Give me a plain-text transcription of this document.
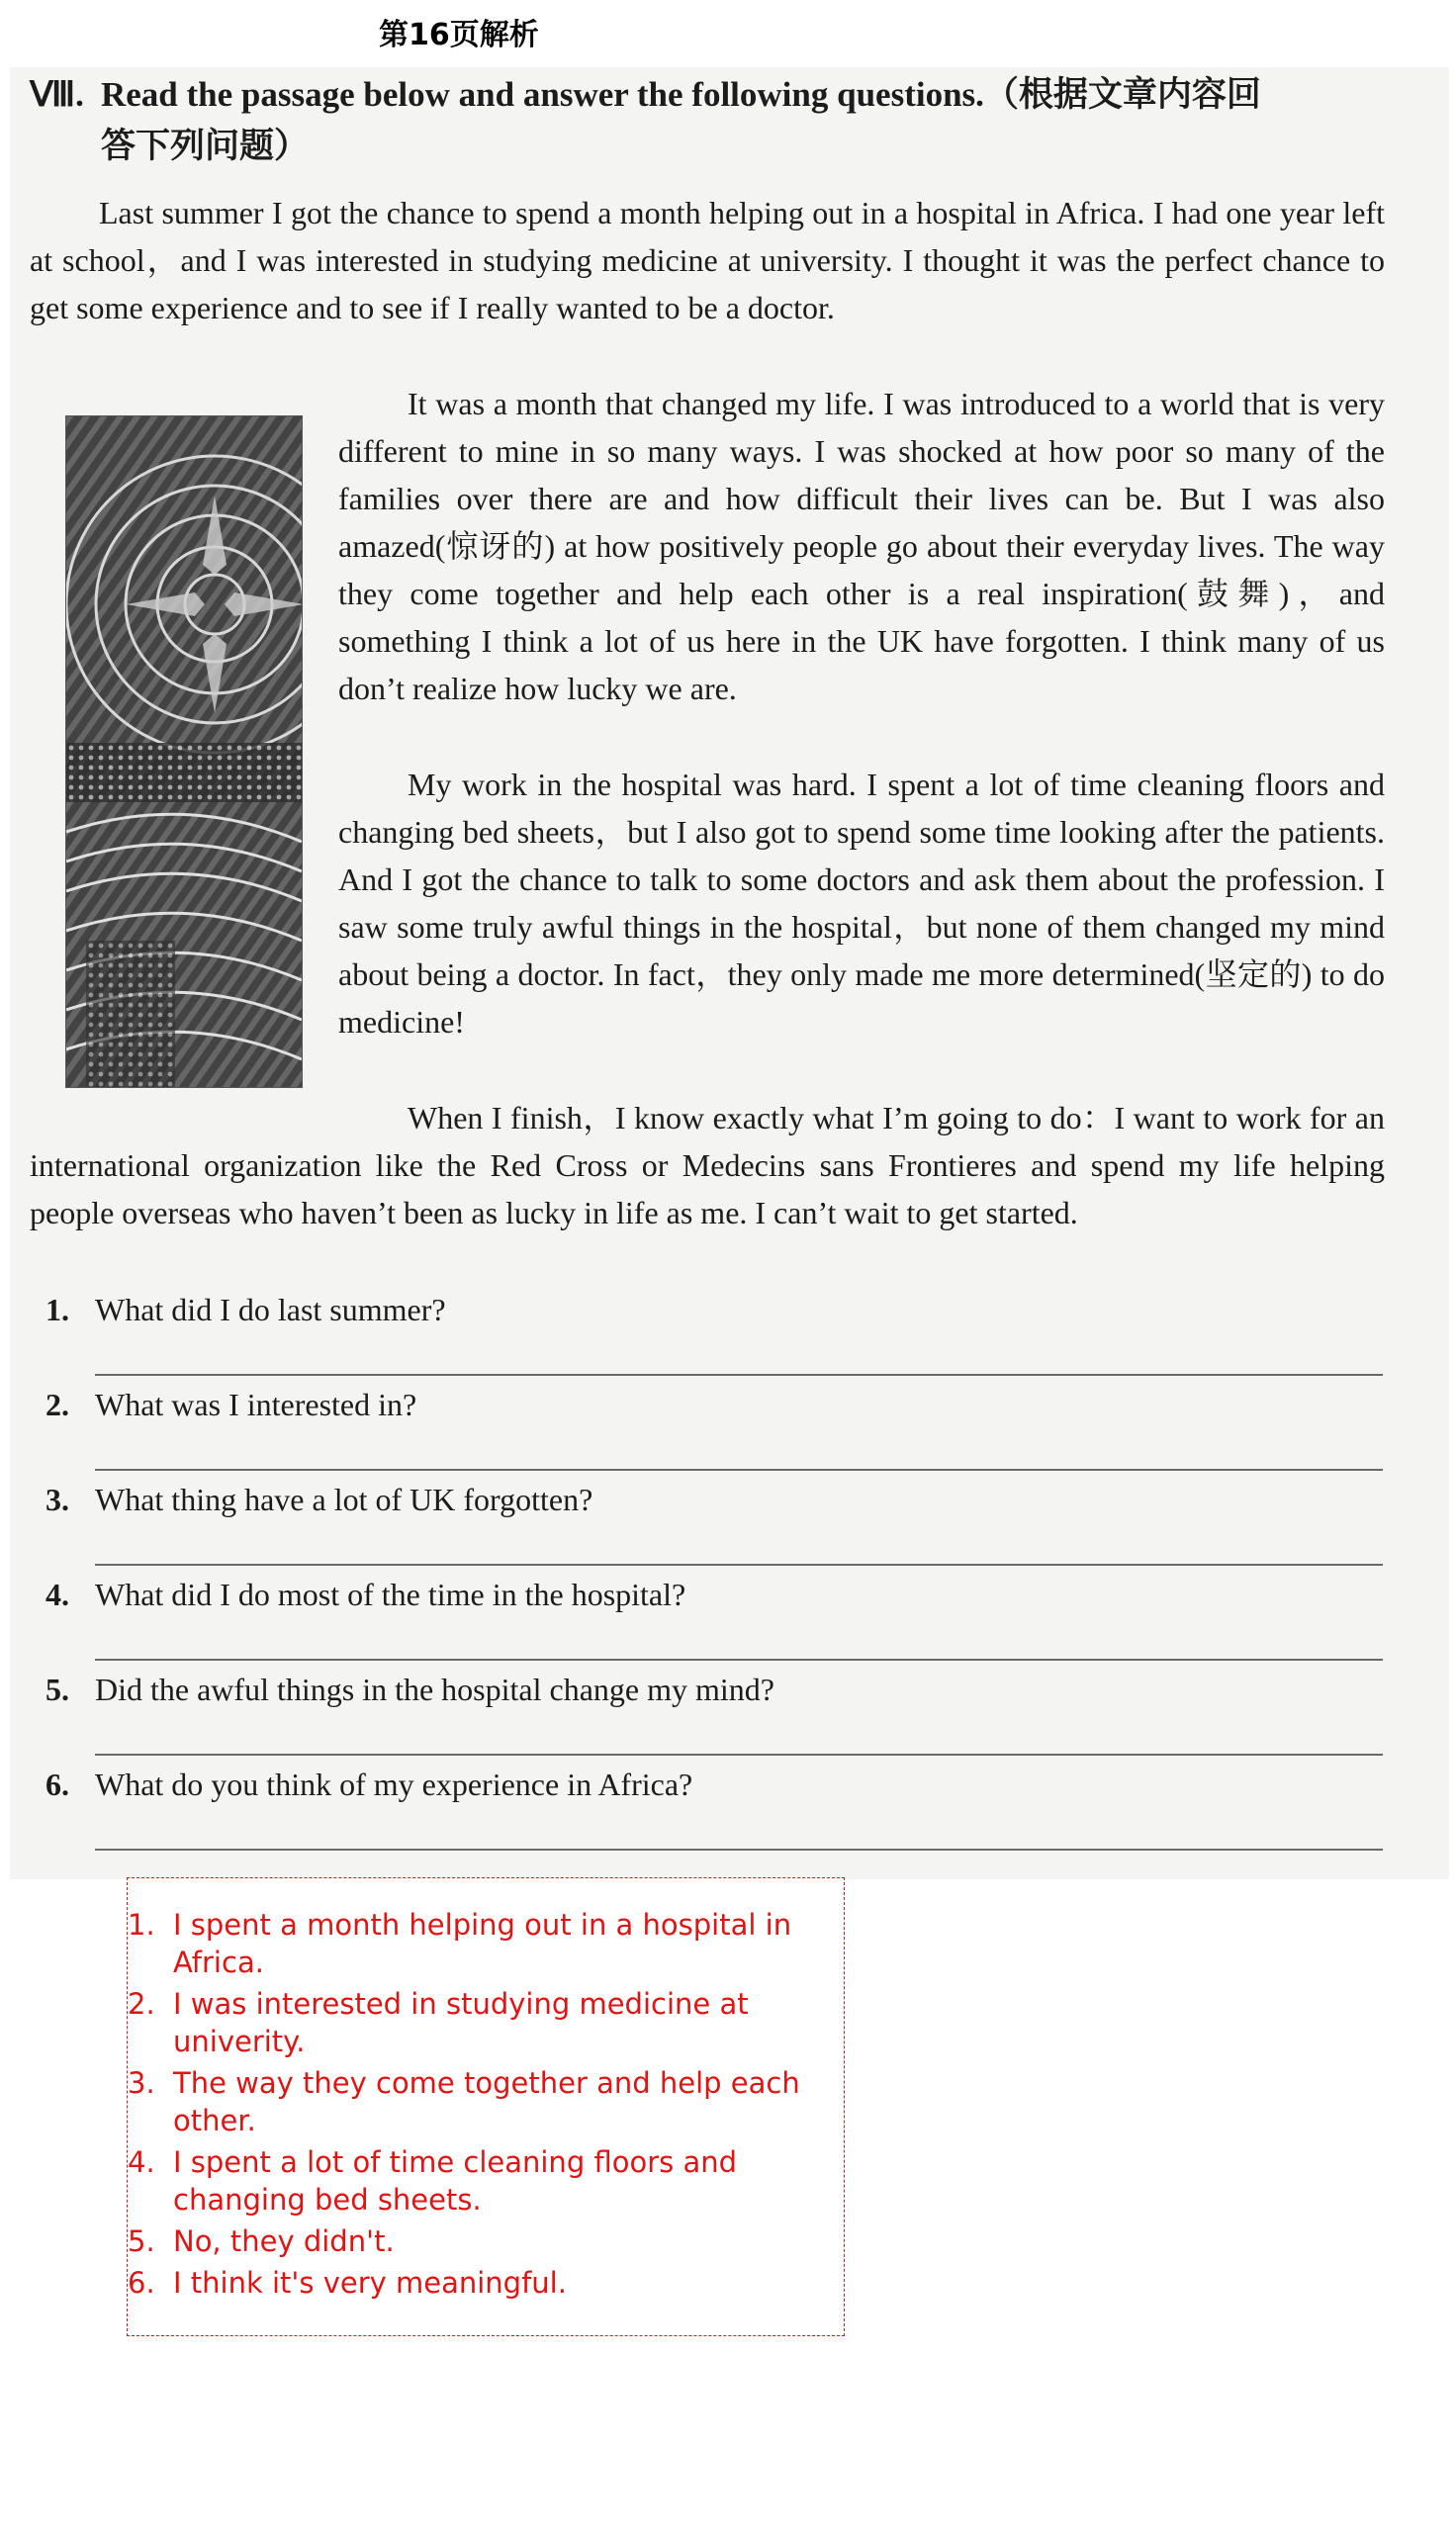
第16页解析
Ⅷ. Read the passage below and answer the following questions.（根据文章内容回
答下列问题）

Last summer I got the chance to spend a month helping out in a hospital in Africa. I had one year left at school，and I was interested in studying medicine at university. I thought it was the perfect chance to get some experience and to see if I really wanted to be a doctor.

It was a month that changed my life. I was introduced to a world that is very different to mine in so many ways. I was shocked at how poor so many of the families over there are and how difficult their lives can be. But I was also amazed(惊讶的) at how positively people go about their everyday lives. The way they come together and help each other is a real inspiration(鼓舞)，and something I think a lot of us here in the UK have forgotten. I think many of us don’t realize how lucky we are.

My work in the hospital was hard. I spent a lot of time cleaning floors and changing bed sheets，but I also got to spend some time looking after the patients. And I got the chance to talk to some doctors and ask them about the profession. I saw some truly awful things in the hospital，but none of them changed my mind about being a doctor. In fact，they only made me more determined(坚定的) to do medicine!

When I finish，I know exactly what I’m going to do：I want to work for an international organization like the Red Cross or Medecins sans Frontieres and spend my life helping people overseas who haven’t been as lucky in life as me. I can’t wait to get started.

1. What did I do last summer?
2. What was I interested in?
3. What thing have a lot of UK forgotten?
4. What did I do most of the time in the hospital?
5. Did the awful things in the hospital change my mind?
6. What do you think of my experience in Africa?
1. I spent a month helping out in a hospital in Africa.
2. I was interested in studying medicine at univerity.
3. The way they come together and help each other.
4. I spent a lot of time cleaning floors and changing bed sheets.
5. No, they didn't.
6. I think it's very meaningful.
